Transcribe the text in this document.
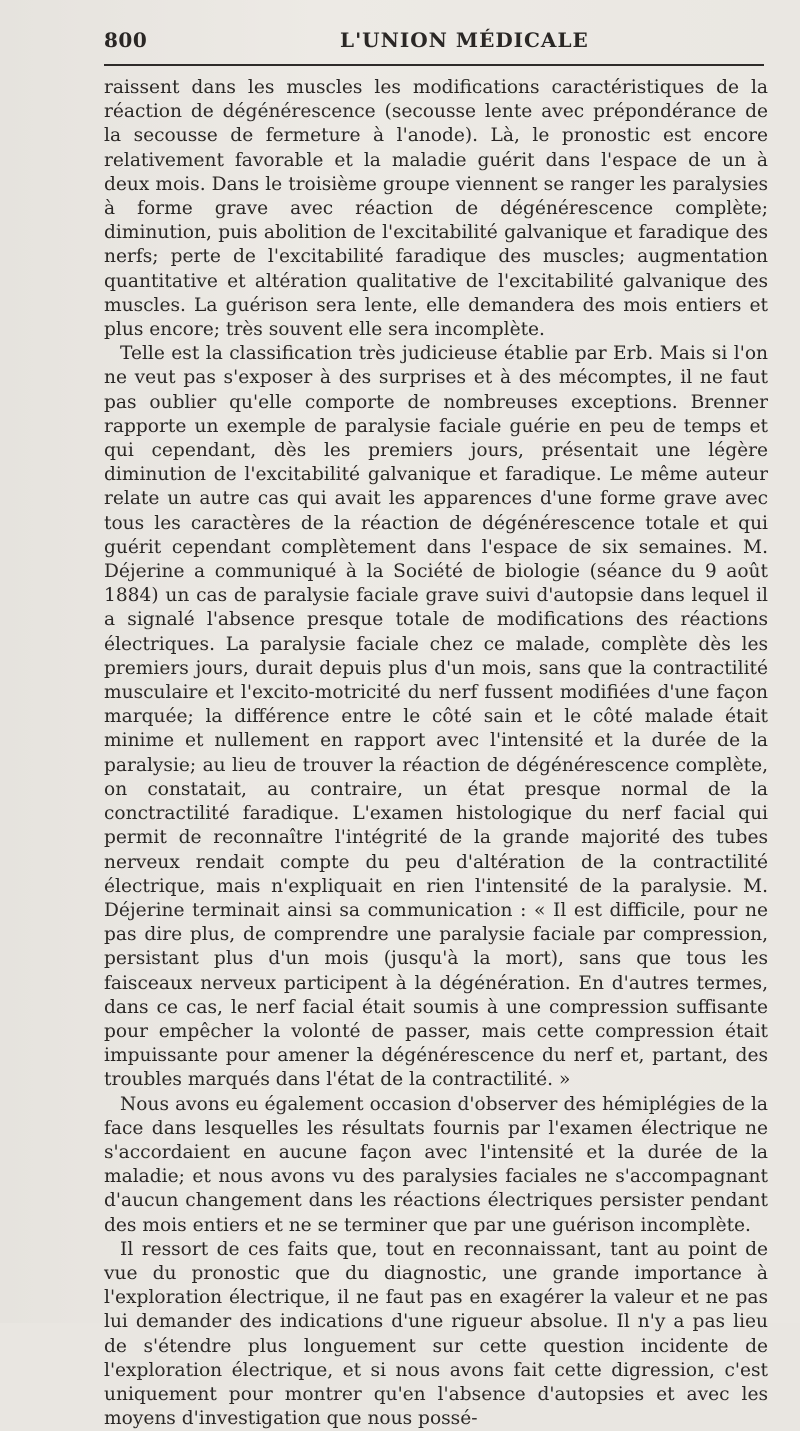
800	L'UNION MÉDICALE

raissent dans les muscles les modifications caractéristiques de la réaction de dégénérescence (secousse lente avec prépondérance de la secousse de fermeture à l'anode). Là, le pronostic est encore relativement favorable et la maladie guérit dans l'espace de un à deux mois. Dans le troisième groupe viennent se ranger les paralysies à forme grave avec réaction de dégénérescence complète; diminution, puis abolition de l'excitabilité galvanique et faradique des nerfs; perte de l'excitabilité faradique des muscles; augmentation quantitative et altération qualitative de l'excitabilité galvanique des muscles. La guérison sera lente, elle demandera des mois entiers et plus encore; très souvent elle sera incomplète.

Telle est la classification très judicieuse établie par Erb. Mais si l'on ne veut pas s'exposer à des surprises et à des mécomptes, il ne faut pas oublier qu'elle comporte de nombreuses exceptions. Brenner rapporte un exemple de paralysie faciale guérie en peu de temps et qui cependant, dès les premiers jours, présentait une légère diminution de l'excitabilité galvanique et faradique. Le même auteur relate un autre cas qui avait les apparences d'une forme grave avec tous les caractères de la réaction de dégénérescence totale et qui guérit cependant complètement dans l'espace de six semaines. M. Déjerine a communiqué à la Société de biologie (séance du 9 août 1884) un cas de paralysie faciale grave suivi d'autopsie dans lequel il a signalé l'absence presque totale de modifications des réactions électriques. La paralysie faciale chez ce malade, complète dès les premiers jours, durait depuis plus d'un mois, sans que la contractilité musculaire et l'excito-motricité du nerf fussent modifiées d'une façon marquée; la différence entre le côté sain et le côté malade était minime et nullement en rapport avec l'intensité et la durée de la paralysie; au lieu de trouver la réaction de dégénérescence complète, on constatait, au contraire, un état presque normal de la conctractilité faradique. L'examen histologique du nerf facial qui permit de reconnaître l'intégrité de la grande majorité des tubes nerveux rendait compte du peu d'altération de la contractilité électrique, mais n'expliquait en rien l'intensité de la paralysie. M. Déjerine terminait ainsi sa communication : « Il est difficile, pour ne pas dire plus, de comprendre une paralysie faciale par compression, persistant plus d'un mois (jusqu'à la mort), sans que tous les faisceaux nerveux participent à la dégénération. En d'autres termes, dans ce cas, le nerf facial était soumis à une compression suffisante pour empêcher la volonté de passer, mais cette compression était impuissante pour amener la dégénérescence du nerf et, partant, des troubles marqués dans l'état de la contractilité. »

Nous avons eu également occasion d'observer des hémiplégies de la face dans lesquelles les résultats fournis par l'examen électrique ne s'accordaient en aucune façon avec l'intensité et la durée de la maladie; et nous avons vu des paralysies faciales ne s'accompagnant d'aucun changement dans les réactions électriques persister pendant des mois entiers et ne se terminer que par une guérison incomplète.

Il ressort de ces faits que, tout en reconnaissant, tant au point de vue du pronostic que du diagnostic, une grande importance à l'exploration électrique, il ne faut pas en exagérer la valeur et ne pas lui demander des indications d'une rigueur absolue. Il n'y a pas lieu de s'étendre plus longuement sur cette question incidente de l'exploration électrique, et si nous avons fait cette digression, c'est uniquement pour montrer qu'en l'absence d'autopsies et avec les moyens d'investigation que nous possé-
